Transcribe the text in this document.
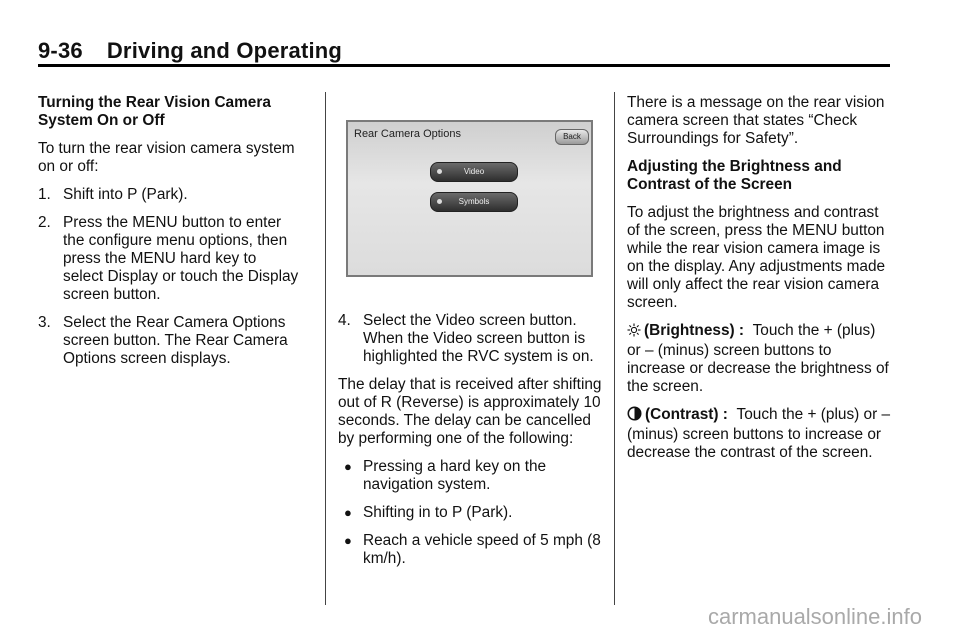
9-36 Driving and Operating

Turning the Rear Vision Camera System On or Off

To turn the rear vision camera system on or off:

1. Shift into P (Park).
2. Press the MENU button to enter the configure menu options, then press the MENU hard key to select Display or touch the Display screen button.
3. Select the Rear Camera Options screen button. The Rear Camera Options screen displays.
Rear Camera Options	Back
Video
Symbols
4. Select the Video screen button. When the Video screen button is highlighted the RVC system is on.

The delay that is received after shifting out of R (Reverse) is approximately 10 seconds. The delay can be cancelled by performing one of the following:

● Pressing a hard key on the navigation system.
● Shifting in to P (Park).
● Reach a vehicle speed of 5 mph (8 km/h).

There is a message on the rear vision camera screen that states “Check Surroundings for Safety”.

Adjusting the Brightness and Contrast of the Screen

To adjust the brightness and contrast of the screen, press the MENU button while the rear vision camera image is on the display. Any adjustments made will only affect the rear vision camera screen.

(Brightness) : Touch the + (plus) or – (minus) screen buttons to increase or decrease the brightness of the screen.

(Contrast) : Touch the + (plus) or – (minus) screen buttons to increase or decrease the contrast of the screen.

carmanualsonline.info
